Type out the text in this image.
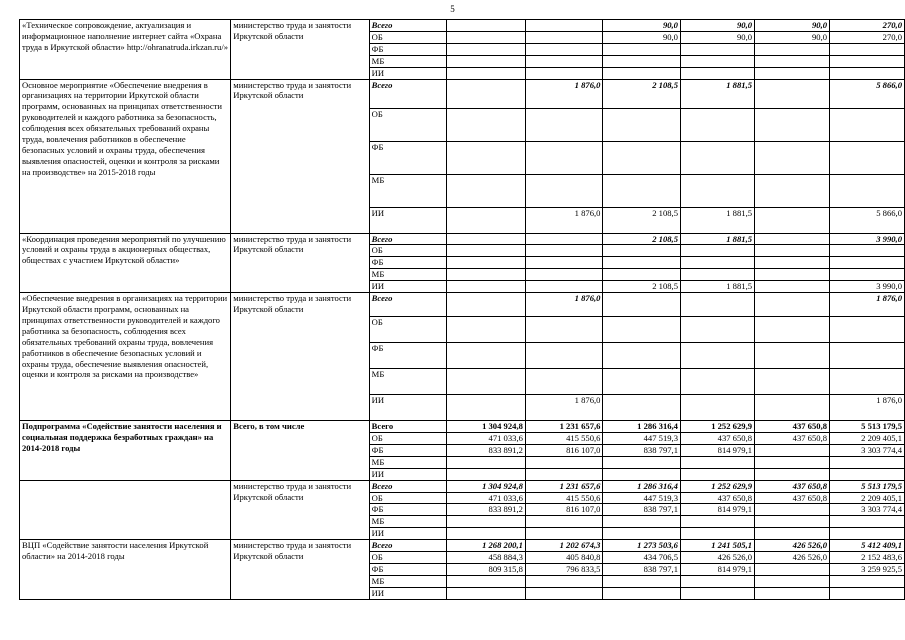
5
«Техническое сопровождение, актуализация и информационное наполнение интернет сайта «Охрана труда в Иркутской области» http://ohranatruda.irkzan.ru/»	министерство труда и занятости Иркутской области	Всего			90,0	90,0	90,0	270,0
		ОБ			90,0	90,0	90,0	270,0
		ФБ						
		МБ						
		ИИ						
Основное мероприятие «Обеспечение внедрения в организациях на территории Иркутской области программ, основанных на принципах ответственности руководителей и каждого работника за безопасность, соблюдения всех обязательных требований охраны труда, вовлечения работников в обеспечение безопасных условий и охраны труда, обеспечения выявления опасностей, оценки и контроля за рисками на производстве» на 2015-2018 годы	министерство труда и занятости Иркутской области	Всего		1 876,0	2 108,5	1 881,5		5 866,0
		ОБ						
		ФБ						
		МБ						
		ИИ		1 876,0	2 108,5	1 881,5		5 866,0
«Координация проведения мероприятий по улучшению условий и охраны труда в акционерных обществах, обществах с участием Иркутской области»	министерство труда и занятости Иркутской области	Всего			2 108,5	1 881,5		3 990,0
		ОБ						
		ФБ						
		МБ						
		ИИ			2 108,5	1 881,5		3 990,0
«Обеспечение внедрения в организациях на территории Иркутской области программ, основанных на принципах ответственности руководителей и каждого работника за безопасность, соблюдения всех обязательных требований охраны труда, вовлечения работников в обеспечение безопасных условий и охраны труда, обеспечение выявления опасностей, оценки и контроля за рисками на производстве»	министерство труда и занятости Иркутской области	Всего		1 876,0				1 876,0
		ОБ						
		ФБ						
		МБ						
		ИИ		1 876,0				1 876,0
Подпрограмма «Содействие занятости населения и социальная поддержка безработных граждан» на 2014-2018 годы	Всего, в том числе	Всего	1 304 924,8	1 231 657,6	1 286 316,4	1 252 629,9	437 650,8	5 513 179,5
		ОБ	471 033,6	415 550,6	447 519,3	437 650,8	437 650,8	2 209 405,1
		ФБ	833 891,2	816 107,0	838 797,1	814 979,1		3 303 774,4
		МБ						
		ИИ						
	министерство труда и занятости Иркутской области	Всего	1 304 924,8	1 231 657,6	1 286 316,4	1 252 629,9	437 650,8	5 513 179,5
		ОБ	471 033,6	415 550,6	447 519,3	437 650,8	437 650,8	2 209 405,1
		ФБ	833 891,2	816 107,0	838 797,1	814 979,1		3 303 774,4
		МБ						
		ИИ						
ВЦП «Содействие занятости населения Иркутской области» на 2014-2018 годы	министерство труда и занятости Иркутской области	Всего	1 268 200,1	1 202 674,3	1 273 503,6	1 241 505,1	426 526,0	5 412 409,1
		ОБ	458 884,3	405 840,8	434 706,5	426 526,0	426 526,0	2 152 483,6
		ФБ	809 315,8	796 833,5	838 797,1	814 979,1		3 259 925,5
		МБ						
		ИИ						
